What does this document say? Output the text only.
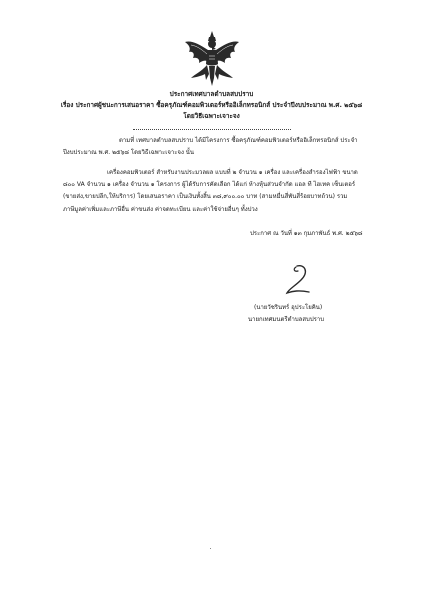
ประกาศเทศบาลตำบลสบปราบ
เรื่อง ประกาศผู้ชนะการเสนอราคา ซื้อครุภัณฑ์คอมพิวเตอร์หรืออิเล็กทรอนิกส์ ประจำปีงบประมาณ พ.ศ. ๒๕๖๘
โดยวิธีเฉพาะเจาะจง
ตามที่ เทศบาลตำบลสบปราบ ได้มีโครงการ ซื้อครุภัณฑ์คอมพิวเตอร์หรืออิเล็กทรอนิกส์ ประจำ
ปีงบประมาณ พ.ศ. ๒๕๖๘ โดยวิธีเฉพาะเจาะจง นั้น
เครื่องคอมพิวเตอร์ สำหรับงานประมวลผล แบบที่ ๒ จำนวน ๑ เครื่อง และเครื่องสำรองไฟฟ้า ขนาด
๘๐๐ VA จำนวน ๑ เครื่อง จำนวน ๑ โครงการ ผู้ได้รับการคัดเลือก ได้แก่ ห้างหุ้นส่วนจำกัด แอล ที ไฮเทค เซ็นเตอร์
(ขายส่ง,ขายปลีก,ให้บริการ) โดยเสนอราคา เป็นเงินทั้งสิ้น ๓๘,๙๐๐.๐๐ บาท (สามหมื่นสี่พันสี่ร้อยบาทถ้วน) รวม
ภาษีมูลค่าเพิ่มและภาษีอื่น ค่าขนส่ง ค่าจดทะเบียน และค่าใช้จ่ายอื่นๆ ทั้งปวง
ประกาศ ณ วันที่ ๑๓ กุมภาพันธ์ พ.ศ. ๒๕๖๘
(นายวัชรินทร์ อุประโยคิน)
นายกเทศมนตรีตำบลสบปราบ
